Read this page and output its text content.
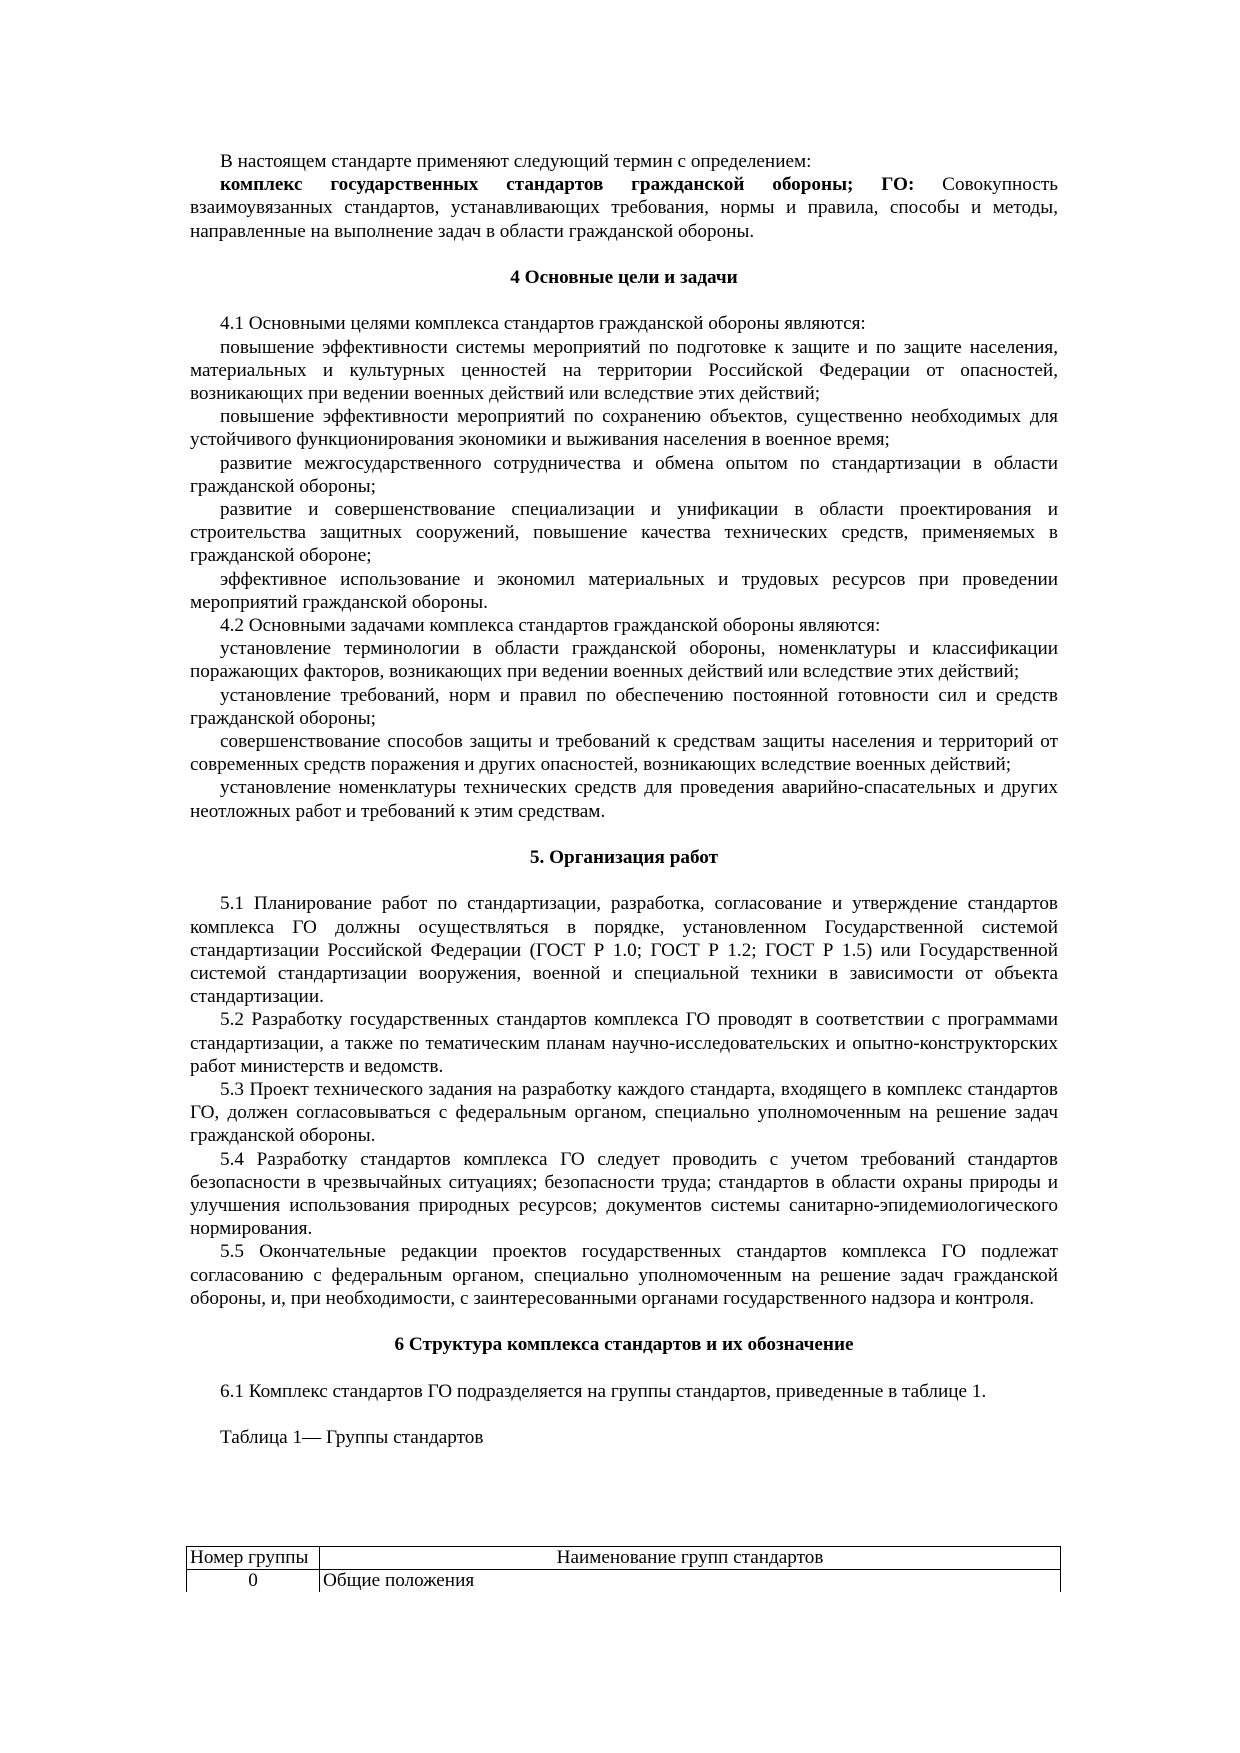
В настоящем стандарте применяют следующий термин с определением:

комплекс государственных стандартов гражданской обороны; ГО: Совокупность взаимоувязанных стандартов, устанавливающих требования, нормы и правила, способы и методы, направленные на выполнение задач в области гражданской обороны.

4 Основные цели и задачи

4.1 Основными целями комплекса стандартов гражданской обороны являются:

повышение эффективности системы мероприятий по подготовке к защите и по защите населения, материальных и культурных ценностей на территории Российской Федерации от опасностей, возникающих при ведении военных действий или вследствие этих действий;

повышение эффективности мероприятий по сохранению объектов, существенно необходимых для устойчивого функционирования экономики и выживания населения в военное время;

развитие межгосударственного сотрудничества и обмена опытом по стандартизации в области гражданской обороны;

развитие и совершенствование специализации и унификации в области проектирования и строительства защитных сооружений, повышение качества технических средств, применяемых в гражданской обороне;

эффективное использование и экономил материальных и трудовых ресурсов при проведении мероприятий гражданской обороны.

4.2 Основными задачами комплекса стандартов гражданской обороны являются:

установление терминологии в области гражданской обороны, номенклатуры и классификации поражающих факторов, возникающих при ведении военных действий или вследствие этих действий;

установление требований, норм и правил по обеспечению постоянной готовности сил и средств гражданской обороны;

совершенствование способов защиты и требований к средствам защиты населения и территорий от современных средств поражения и других опасностей, возникающих вследствие военных действий;

установление номенклатуры технических средств для проведения аварийно-спасательных и других неотложных работ и требований к этим средствам.

5. Организация работ

5.1 Планирование работ по стандартизации, разработка, согласование и утверждение стандартов комплекса ГО должны осуществляться в порядке, установленном Государственной системой стандартизации Российской Федерации (ГОСТ Р 1.0; ГОСТ Р 1.2; ГОСТ Р 1.5) или Государственной системой стандартизации вооружения, военной и специальной техники в зависимости от объекта стандартизации.

5.2 Разработку государственных стандартов комплекса ГО проводят в соответствии с программами стандартизации, а также по тематическим планам научно-исследовательских и опытно-конструкторских работ министерств и ведомств.

5.3 Проект технического задания на разработку каждого стандарта, входящего в комплекс стандартов ГО, должен согласовываться с федеральным органом, специально уполномоченным на решение задач гражданской обороны.

5.4 Разработку стандартов комплекса ГО следует проводить с учетом требований стандартов безопасности в чрезвычайных ситуациях; безопасности труда; стандартов в области охраны природы и улучшения использования природных ресурсов; документов системы санитарно-эпидемиологического нормирования.

5.5 Окончательные редакции проектов государственных стандартов комплекса ГО подлежат согласованию с федеральным органом, специально уполномоченным на решение задач гражданской обороны, и, при необходимости, с заинтересованными органами государственного надзора и контроля.

6 Структура комплекса стандартов и их обозначение

6.1 Комплекс стандартов ГО подразделяется на группы стандартов, приведенные в таблице 1.

Таблица 1— Группы стандартов

Номер группы	Наименование групп стандартов
0	Общие положения
